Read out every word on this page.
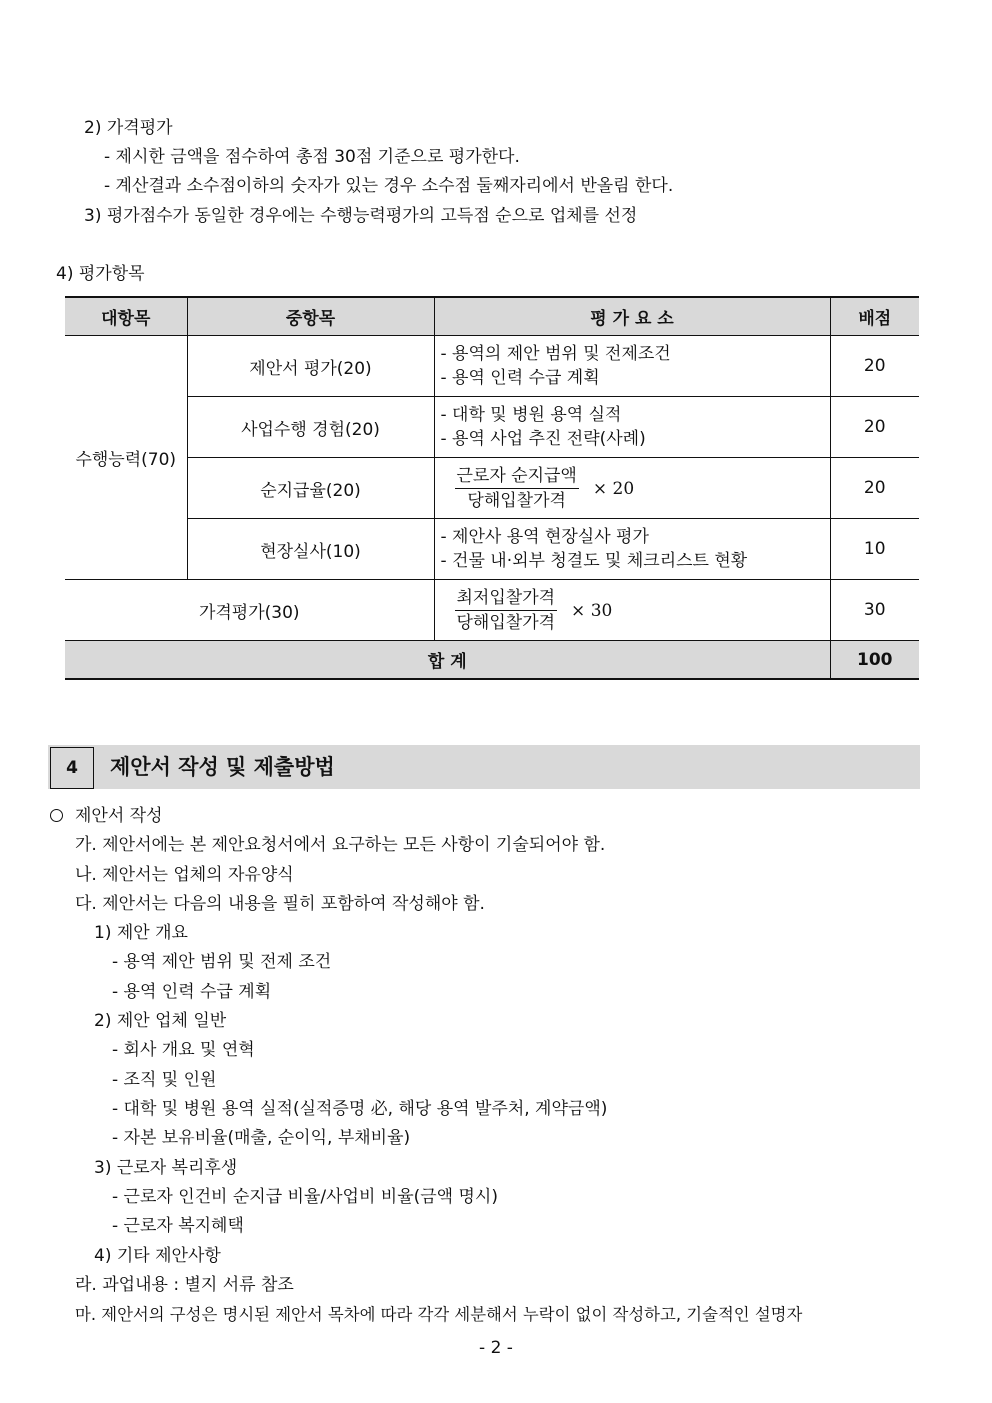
2) 가격평가
- 제시한 금액을 점수하여 총점 30점 기준으로 평가한다.
- 계산결과 소수점이하의 숫자가 있는 경우 소수점 둘째자리에서 반올림 한다.
3) 평가점수가 동일한 경우에는 수행능력평가의 고득점 순으로 업체를 선정
4) 평가항목
대항목	중항목	평 가 요 소	배점
수행능력(70)	제안서 평가(20)	- 용역의 제안 범위 및 전제조건
- 용역 인력 수급 계획	20
	사업수행 경험(20)	- 대학 및 병원 용역 실적
- 용역 사업 추진 전략(사례)	20
	순지급율(20)	$\frac{\text{근로자 순지급액}}{\text{당해입찰가격}} \times 20$	20
	현장실사(10)	- 제안사 용역 현장실사 평가
- 건물 내·외부 청결도 및 체크리스트 현황	10
가격평가(30)		$\frac{\text{최저입찰가격}}{\text{당해입찰가격}} \times 30$	30
합 계			100
4	제안서 작성 및 제출방법
제안서 작성
가. 제안서에는 본 제안요청서에서 요구하는 모든 사항이 기술되어야 함.
나. 제안서는 업체의 자유양식
다. 제안서는 다음의 내용을 필히 포함하여 작성해야 함.
1) 제안 개요
- 용역 제안 범위 및 전제 조건
- 용역 인력 수급 계획
2) 제안 업체 일반
- 회사 개요 및 연혁
- 조직 및 인원
- 대학 및 병원 용역 실적(실적증명 必, 해당 용역 발주처, 계약금액)
- 자본 보유비율(매출, 순이익, 부채비율)
3) 근로자 복리후생
- 근로자 인건비 순지급 비율/사업비 비율(금액 명시)
- 근로자 복지혜택
4) 기타 제안사항
라. 과업내용 : 별지 서류 참조
마. 제안서의 구성은 명시된 제안서 목차에 따라 각각 세분해서 누락이 없이 작성하고, 기술적인 설명자
- 2 -
